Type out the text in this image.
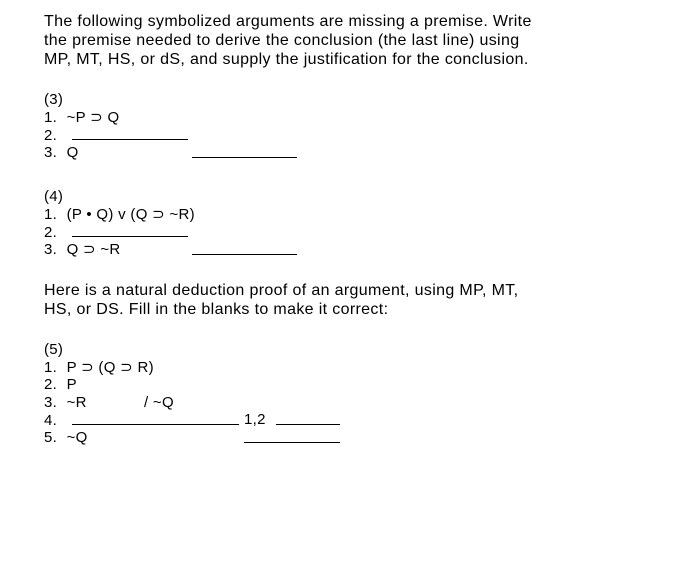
The following symbolized arguments are missing a premise. Write
the premise needed to derive the conclusion (the last line) using
MP, MT, HS, or dS, and supply the justification for the conclusion.
(3)
1. ~P ⊃ Q
2.
3. Q
(4)
1. (P • Q) v (Q ⊃ ~R)
2.
3. Q ⊃ ~R
Here is a natural deduction proof of an argument, using MP, MT,
HS, or DS. Fill in the blanks to make it correct:
(5)
1. P ⊃ (Q ⊃ R)
2. P
3. ~R	/ ~Q
4.	1,2
5. ~Q
